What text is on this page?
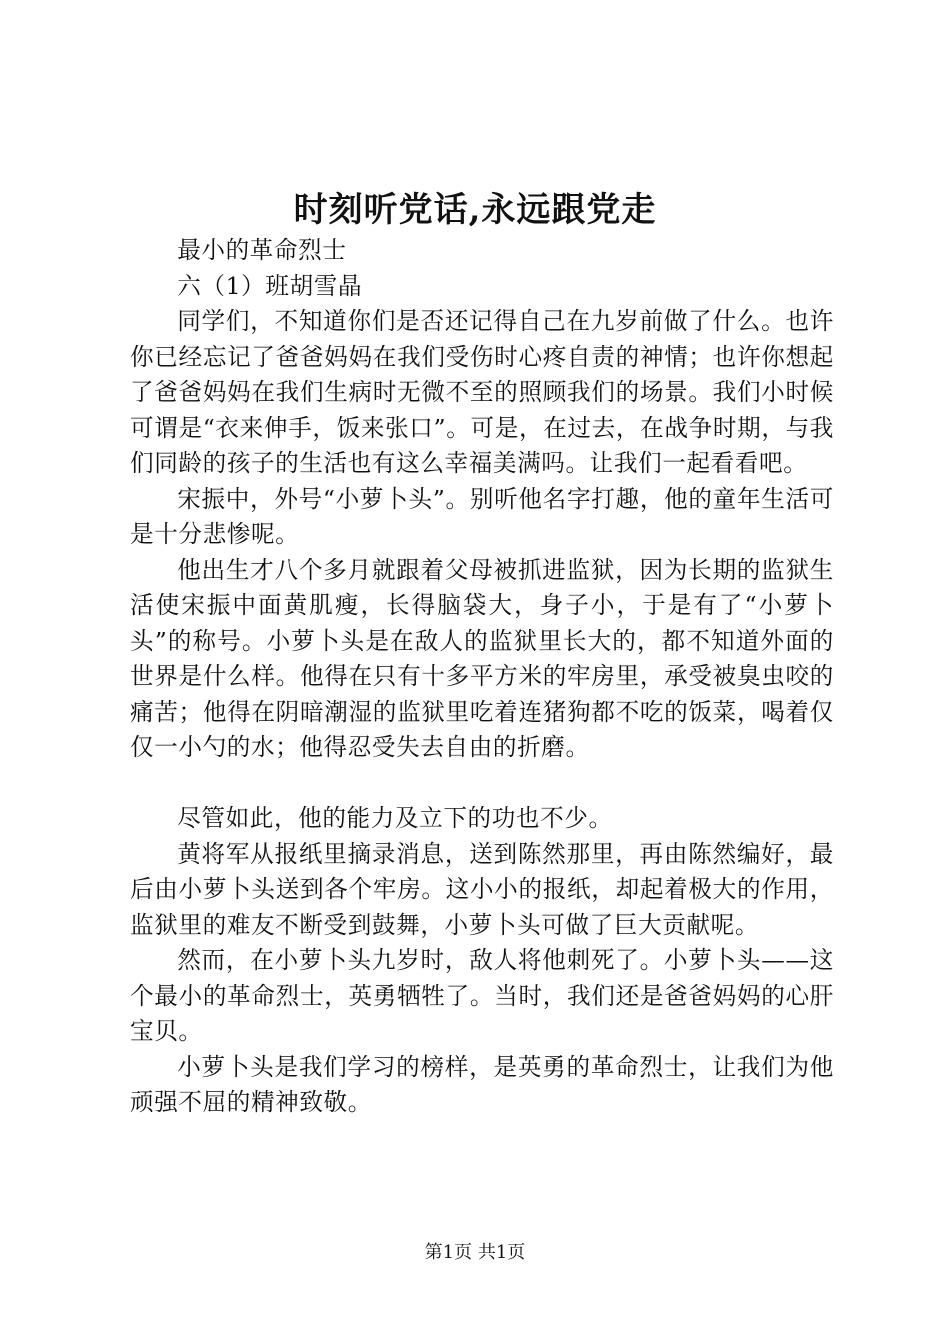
时刻听党话,永远跟党走

最小的革命烈士

六（1）班胡雪晶

同学们，不知道你们是否还记得自己在九岁前做了什么。也许你已经忘记了爸爸妈妈在我们受伤时心疼自责的神情；也许你想起了爸爸妈妈在我们生病时无微不至的照顾我们的场景。我们小时候可谓是“衣来伸手，饭来张口”。可是，在过去，在战争时期，与我们同龄的孩子的生活也有这么幸福美满吗。让我们一起看看吧。

宋振中，外号“小萝卜头”。别听他名字打趣，他的童年生活可是十分悲惨呢。

他出生才八个多月就跟着父母被抓进监狱，因为长期的监狱生活使宋振中面黄肌瘦，长得脑袋大，身子小，于是有了“小萝卜头”的称号。小萝卜头是在敌人的监狱里长大的，都不知道外面的世界是什么样。他得在只有十多平方米的牢房里，承受被臭虫咬的痛苦；他得在阴暗潮湿的监狱里吃着连猪狗都不吃的饭菜，喝着仅仅一小勺的水；他得忍受失去自由的折磨。

尽管如此，他的能力及立下的功也不少。

黄将军从报纸里摘录消息，送到陈然那里，再由陈然编好，最后由小萝卜头送到各个牢房。这小小的报纸，却起着极大的作用，监狱里的难友不断受到鼓舞，小萝卜头可做了巨大贡献呢。

然而，在小萝卜头九岁时，敌人将他刺死了。小萝卜头——这个最小的革命烈士，英勇牺牲了。当时，我们还是爸爸妈妈的心肝宝贝。

小萝卜头是我们学习的榜样，是英勇的革命烈士，让我们为他顽强不屈的精神致敬。

第1页 共1页
